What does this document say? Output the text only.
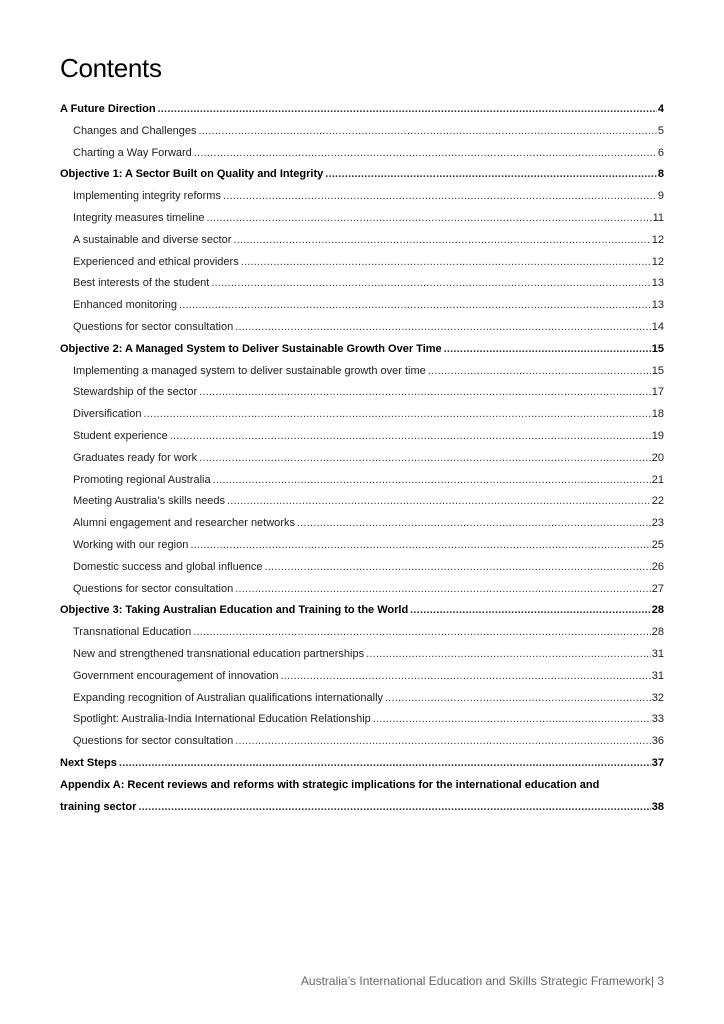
Contents
A Future Direction .....	4
Changes and Challenges .....	5
Charting a Way Forward .....	6
Objective 1: A Sector Built on Quality and Integrity .....	8
Implementing integrity reforms .....	9
Integrity measures timeline .....	11
A sustainable and diverse sector .....	12
Experienced and ethical providers .....	12
Best interests of the student .....	13
Enhanced monitoring .....	13
Questions for sector consultation .....	14
Objective 2: A Managed System to Deliver Sustainable Growth Over Time .....	15
Implementing a managed system to deliver sustainable growth over time .....	15
Stewardship of the sector .....	17
Diversification .....	18
Student experience .....	19
Graduates ready for work .....	20
Promoting regional Australia .....	21
Meeting Australia’s skills needs .....	22
Alumni engagement and researcher networks .....	23
Working with our region .....	25
Domestic success and global influence .....	26
Questions for sector consultation .....	27
Objective 3: Taking Australian Education and Training to the World .....	28
Transnational Education .....	28
New and strengthened transnational education partnerships .....	31
Government encouragement of innovation .....	31
Expanding recognition of Australian qualifications internationally .....	32
Spotlight: Australia-India International Education Relationship .....	33
Questions for sector consultation .....	36
Next Steps .....	37
Appendix A: Recent reviews and reforms with strategic implications for the international education and
training sector .....	38
Australia’s International Education and Skills Strategic Framework| 3
